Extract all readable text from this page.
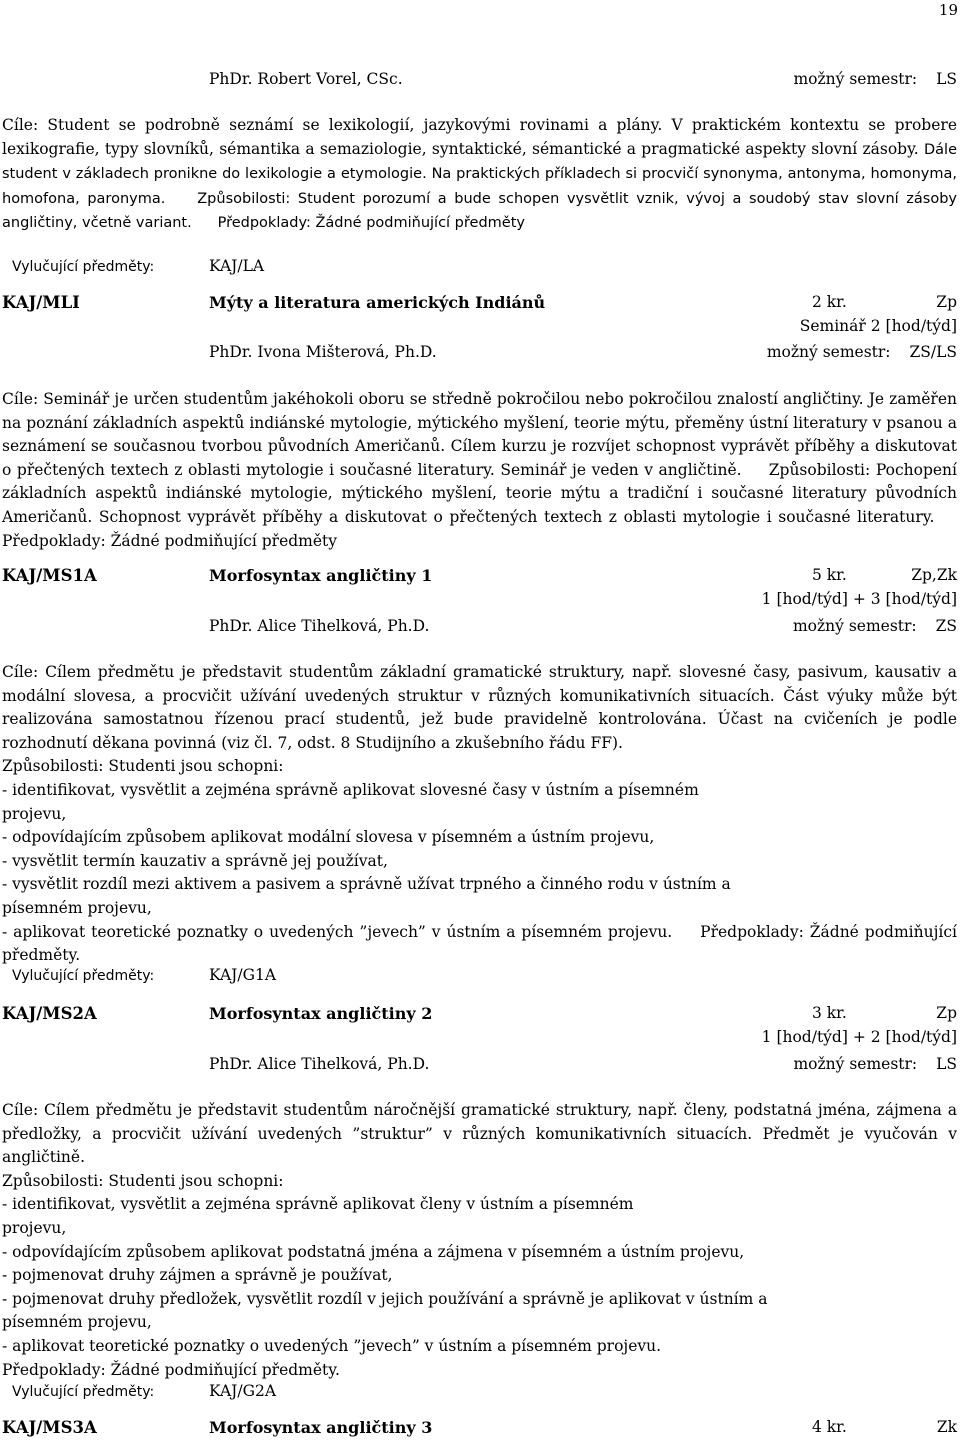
19
PhDr. Robert Vorel, CSc.	možný semestr: LS

Cíle: Student se podrobně seznámí se lexikologií, jazykovými rovinami a plány. V praktickém kontextu se probere lexikografie, typy slovníků, sémantika a semaziologie, syntaktické, sémantické a pragmatické aspekty slovní zásoby. Dále student v základech pronikne do lexikologie a etymologie. Na praktických příkladech si procvičí synonyma, antonyma, homonyma, homofona, paronyma. Způsobilosti: Student porozumí a bude schopen vysvětlit vznik, vývoj a soudobý stav slovní zásoby angličtiny, včetně variant. Předpoklady: Žádné podmiňující předměty

Vylučující předměty:	KAJ/LA
KAJ/MLI	Mýty a literatura amerických Indiánů	2 kr.	Zp
Seminář 2 [hod/týd]
PhDr. Ivona Mišterová, Ph.D.	možný semestr: ZS/LS

Cíle: Seminář je určen studentům jakéhokoli oboru se středně pokročilou nebo pokročilou znalostí angličtiny. Je zaměřen na poznání základních aspektů indiánské mytologie, mýtického myšlení, teorie mýtu, přeměny ústní literatury v psanou a seznámení se současnou tvorbou původních Američanů. Cílem kurzu je rozvíjet schopnost vyprávět příběhy a diskutovat o přečtených textech z oblasti mytologie i současné literatury. Seminář je veden v angličtině. Způsobilosti: Pochopení základních aspektů indiánské mytologie, mýtického myšlení, teorie mýtu a tradiční i současné literatury původních Američanů. Schopnost vyprávět příběhy a diskutovat o přečtených textech z oblasti mytologie i současné literatury.  Předpoklady: Žádné podmiňující předměty

KAJ/MS1A	Morfosyntax angličtiny 1	5 kr.	Zp,Zk
1 [hod/týd] + 3 [hod/týd]
PhDr. Alice Tihelková, Ph.D.	možný semestr: ZS

Cíle: Cílem předmětu je představit studentům základní gramatické struktury, např. slovesné časy, pasivum, kausativ a modální slovesa, a procvičit užívání uvedených struktur v různých komunikativních situacích. Část výuky může být realizována samostatnou řízenou prací studentů, jež bude pravidelně kontrolována. Účast na cvičeních je podle rozhodnutí děkana povinná (viz čl. 7, odst. 8 Studijního a zkušebního řádu FF).

Způsobilosti: Studenti jsou schopni:

- identifikovat, vysvětlit a zejména správně aplikovat slovesné časy v ústním a písemném

projevu,

- odpovídajícím způsobem aplikovat modální slovesa v písemném a ústním projevu,

- vysvětlit termín kauzativ a správně jej používat,

- vysvětlit rozdíl mezi aktivem a pasivem a správně užívat trpného a činného rodu v ústním a

písemném projevu,

- aplikovat teoretické poznatky o uvedených ”jevech” v ústním a písemném projevu. Předpoklady: Žádné podmiňující předměty.

Vylučující předměty:	KAJ/G1A
KAJ/MS2A	Morfosyntax angličtiny 2	3 kr.	Zp
1 [hod/týd] + 2 [hod/týd]
PhDr. Alice Tihelková, Ph.D.	možný semestr: LS

Cíle: Cílem předmětu je představit studentům náročnější gramatické struktury, např. členy, podstatná jména, zájmena a předložky, a procvičit užívání uvedených ”struktur” v různých komunikativních situacích. Předmět je vyučován v angličtině.

Způsobilosti: Studenti jsou schopni:

- identifikovat, vysvětlit a zejména správně aplikovat členy v ústním a písemném

projevu,

- odpovídajícím způsobem aplikovat podstatná jména a zájmena v písemném a ústním projevu,

- pojmenovat druhy zájmen a správně je používat,

- pojmenovat druhy předložek, vysvětlit rozdíl v jejich používání a správně je aplikovat v ústním a

písemném projevu,

- aplikovat teoretické poznatky o uvedených ”jevech” v ústním a písemném projevu.

Předpoklady: Žádné podmiňující předměty.

Vylučující předměty:	KAJ/G2A
KAJ/MS3A	Morfosyntax angličtiny 3	4 kr.	Zk
